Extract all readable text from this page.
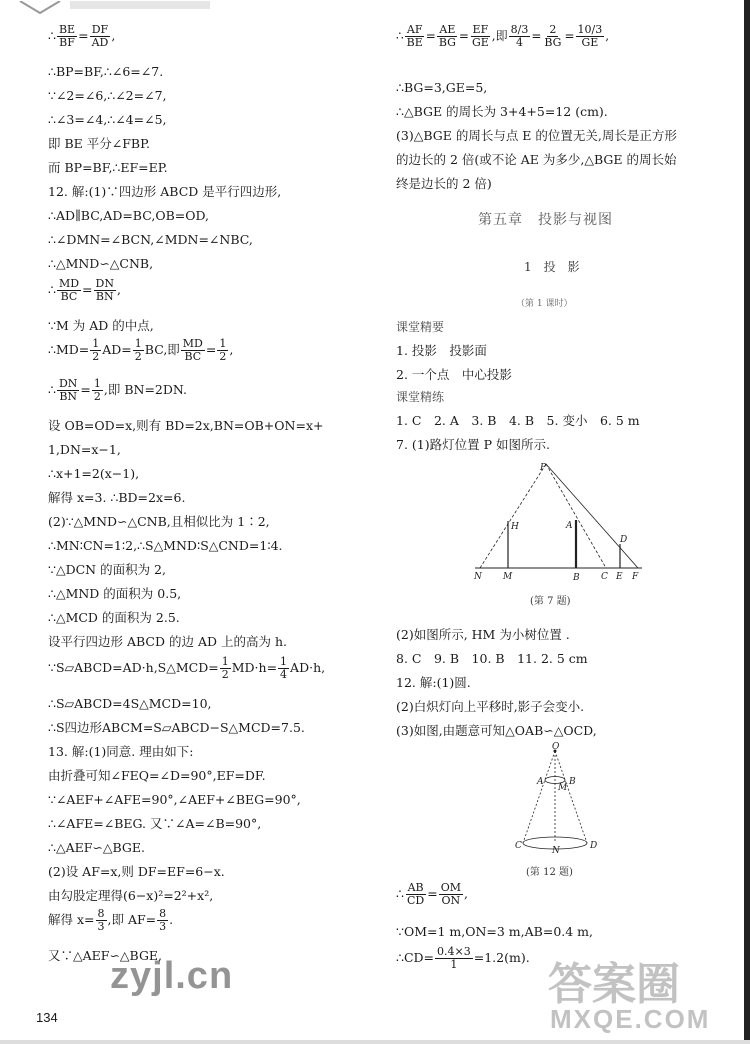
∴ $\frac{BE}{BF} = \frac{DF}{AD}$ ,
∴BP=BF,∴∠6=∠7.
∵∠2=∠6,∴∠2=∠7,
∴∠3=∠4,∴∠4=∠5,
即 BE 平分∠FBP.
而 BP=BF,∴EF=EP.
12. 解:(1)∵四边形 ABCD 是平行四边形,
∴AD∥BC,AD=BC,OB=OD,
∴∠DMN=∠BCN,∠MDN=∠NBC,
∴△MND∽△CNB,
∴ $\frac{MD}{BC} = \frac{DN}{BN}$ ,
∵M 为 AD 的中点,
∴MD= $\frac{1}{2} AD= \frac{1}{2}$ BC,即 $\frac{MD}{BC} = \frac{1}{2}$ ,
∴ $\frac{DN}{BN} = \frac{1}{2}$ ,即 BN=2DN.
设 OB=OD=x,则有 BD=2x,BN=OB+ON=x+
1,DN=x−1,
∴x+1=2(x−1),
解得 x=3. ∴BD=2x=6.
(2)∵△MND∽△CNB,且相似比为 1∶2,
∴MN∶CN=1∶2,∴S△MND∶S△CND=1∶4.
∵△DCN 的面积为 2,
∴△MND 的面积为 0.5,
∴△MCD 的面积为 2.5.
设平行四边形 ABCD 的边 AD 上的高为 h.
∵S▱ABCD=AD·h,S△MCD= $\frac{1}{2} MD\cdot h= \frac{1}{4} AD\cdot h$,
∴S▱ABCD=4S△MCD=10,
∴S四边形ABCM=S▱ABCD−S△MCD=7.5.
13. 解:(1)同意. 理由如下:
由折叠可知∠FEQ=∠D=90°,EF=DF.
∵∠AEF+∠AFE=90°,∠AEF+∠BEG=90°,
∴∠AFE=∠BEG. 又∵∠A=∠B=90°,
∴△AEF∽△BGE.
(2)设 AF=x,则 DF=EF=6−x.
由勾股定理得(6−x)²=2²+x²,
解得 $x= \frac{8}{3}$ ,即 $AF= \frac{8}{3}$ .
又∵△AEF∽△BGE,
∴ $\frac{AF}{BE} = \frac{AE}{BG} = \frac{EF}{GE}$ ,即 $\frac{8/3}{4} = \frac{2}{BG} = \frac{10/3}{GE}$ ,
∴BG=3,GE=5,
∴△BGE 的周长为 3+4+5=12 (cm).
(3)△BGE 的周长与点 E 的位置无关,周长是正方形
的边长的 2 倍(或不论 AE 为多少,△BGE 的周长始
终是边长的 2 倍)
第五章　投影与视图
1　投　影
（第 1 课时）
课堂精要
1. 投影　投影面
2. 一个点　中心投影
课堂精练
1. C　2. A　3. B　4. B　5. 变小　6. 5 m
7. (1)路灯位置 P 如图所示.
(第 7 题)
(2)如图所示, HM 为小树位置 .
8. C　9. B　10. B　11. 2. 5 cm
12. 解:(1)圆.
(2)白炽灯向上平移时,影子会变小.
(3)如图,由题意可知△OAB∽△OCD,
(第 12 题)
∴ $\frac{AB}{CD} = \frac{OM}{ON}$ ,
∵OM=1 m,ON=3 m,AB=0.4 m,
∴CD= $\frac{0.4\times 3}{1} =1.2(m)$.
P
H	A
D
N M	B C E F
O
A	B
M
C	D
N
134
zyjl.cn	答案圈
MXQE.COM
